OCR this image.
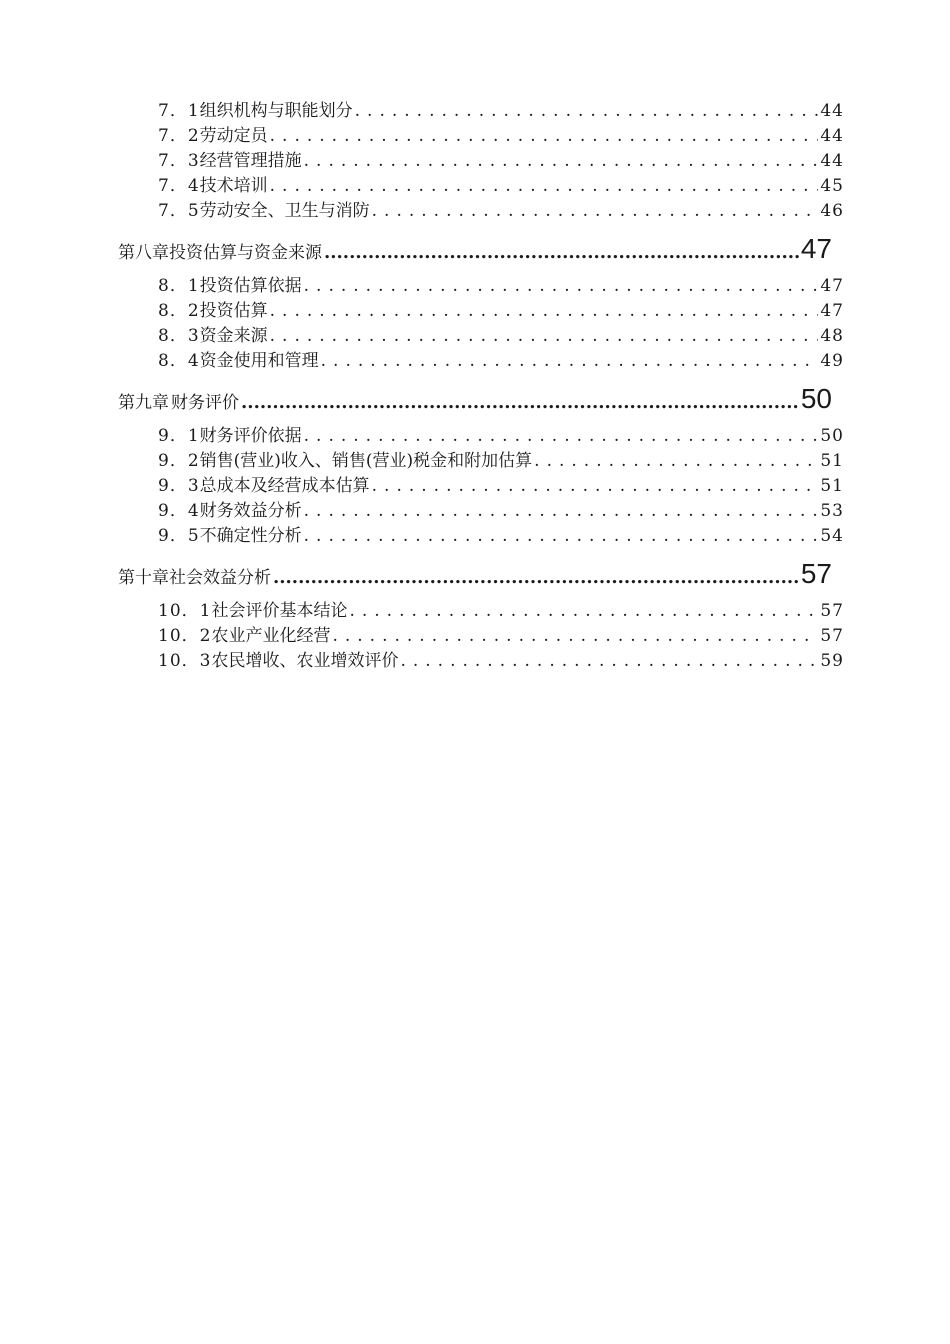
7．1 组织机构与职能划分 . . .	44
7．2 劳动定员 . . .	44
7．3 经营管理措施 . . .	44
7．4 技术培训 . . .	45
7．5 劳动安全、卫生与消防 . . .	46
第八章 投资估算与资金来源 .....	47
8．1 投资估算依据 . . .	47
8．2 投资估算 . . .	47
8．3 资金来源 . . .	48
8．4 资金使用和管理 . . .	49
第九章 财务评价 .....	50
9．1 财务评价依据 . . .	50
9．2 销售(营业)收入、销售(营业)税金和附加估算 . . .	51
9．3 总成本及经营成本估算 . . .	51
9．4 财务效益分析 . . .	53
9．5 不确定性分析 . . .	54
第十章 社会效益分析 .....	57
10．1 社会评价基本结论 . . .	57
10．2 农业产业化经营 . . .	57
10．3 农民增收、农业增效评价 . . .	59
